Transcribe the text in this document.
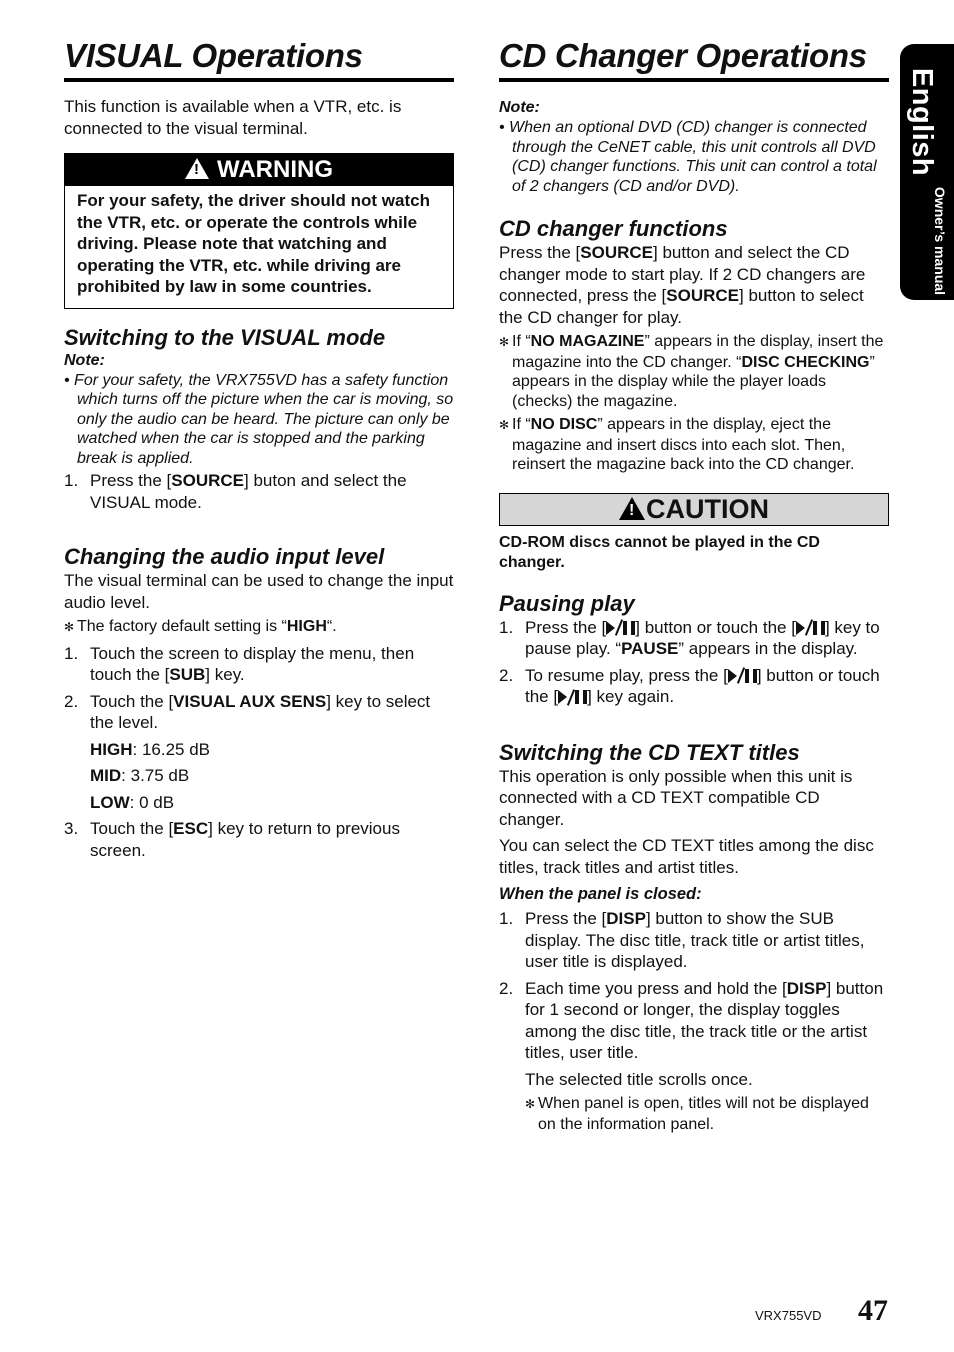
VISUAL Operations

This function is available when a VTR, etc. is connected to the visual terminal.

!WARNING
For your safety, the driver should not watch the VTR, etc. or operate the controls while driving. Please note that watching and operating the VTR, etc. while driving are prohibited by law in some countries.
Switching to the VISUAL mode
Note:
• For your safety, the VRX755VD has a safety function which turns off the picture when the car is moving, so only the audio can be heard. The picture can only be watched when the car is stopped and the parking break is applied.
1. Press the [SOURCE] buton and select the VISUAL mode.
Changing the audio input level

The visual terminal can be used to change the input audio level.

✻ The factory default setting is “HIGH“.
1. Touch the screen to display the menu, then touch the [SUB] key.
2. Touch the [VISUAL AUX SENS] key to select the level.
HIGH: 16.25 dB
MID: 3.75 dB
LOW: 0 dB
3. Touch the [ESC] key to return to previous screen.
CD Changer Operations
Note:
• When an optional DVD (CD) changer is connected through the CeNET cable, this unit controls all DVD (CD) changer functions. This unit can control a total of 2 changers (CD and/or DVD).
CD changer functions

Press the [SOURCE] button and select the CD changer mode to start play. If 2 CD changers are connected, press the [SOURCE] button to select the CD changer for play.

✻ If “NO MAGAZINE” appears in the display, insert the magazine into the CD changer. “DISC CHECKING” appears in the display while the player loads (checks) the magazine.
✻ If “NO DISC” appears in the display, eject the magazine and insert discs into each slot. Then, reinsert the magazine back into the CD changer.
!CAUTION

CD-ROM discs cannot be played in the CD changer.

Pausing play
1. Press the [ ] button or touch the [ ] key to pause play. “PAUSE” appears in the display.
2. To resume play, press the [ ] button or touch the [ ] key again.
Switching the CD TEXT titles

This operation is only possible when this unit is connected with a CD TEXT compatible CD changer.

You can select the CD TEXT titles among the disc titles, track titles and artist titles.

When the panel is closed:
1. Press the [DISP] button to show the SUB display. The disc title, track title or artist titles, user title is displayed.
2. Each time you press and hold the [DISP] button for 1 second or longer, the display toggles among the disc title, the track title or the artist titles, user title.
The selected title scrolls once.
✻ When panel is open, titles will not be displayed on the information panel.
English
Owner’s manual
VRX755VD 47
